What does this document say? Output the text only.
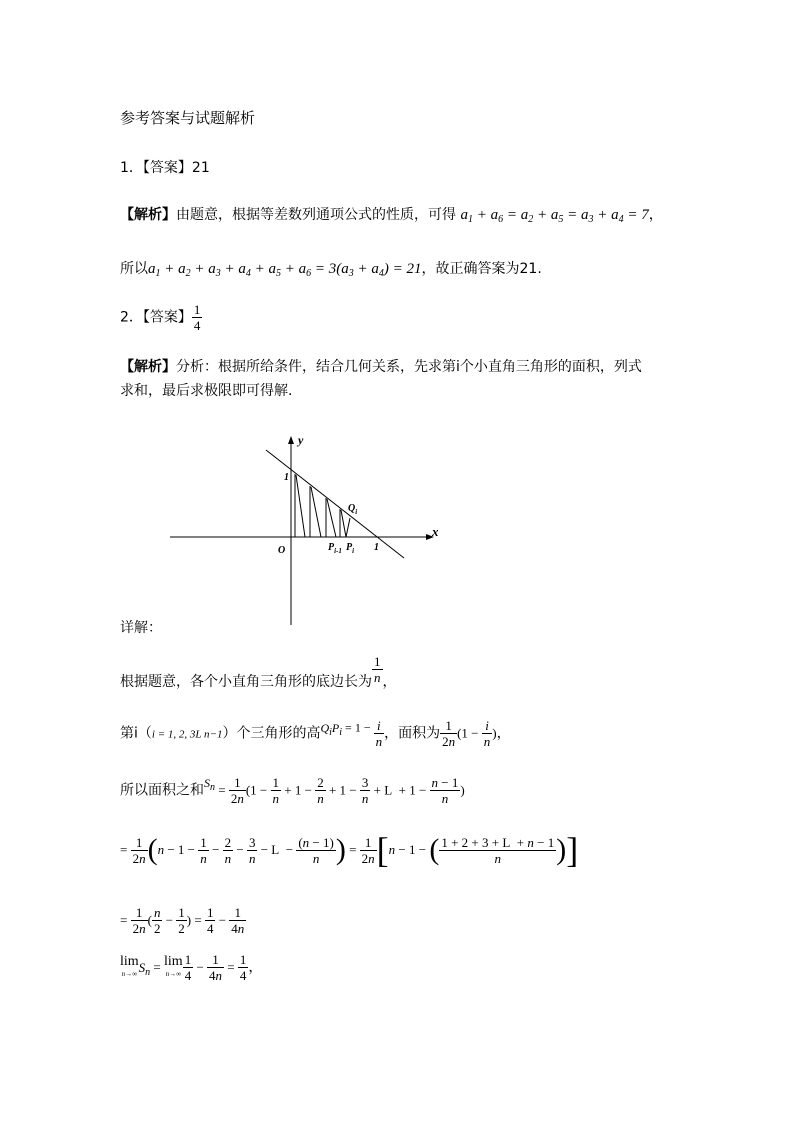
参考答案与试题解析
1．【答案】21
【解析】由题意，根据等差数列通项公式的性质，可得 $a_1 + a_6 = a_2 + a_5 = a_3 + a_4 = 7$，
所以$a_1 + a_2 + a_3 + a_4 + a_5 + a_6 = 3(a_3 + a_4) = 21$，故正确答案为21.
2．【答案】 $\frac{1}{4}$
【解析】分析：根据所给条件，结合几何关系，先求第i个小直角三角形的面积，列式
求和，最后求极限即可得解.
y
x
O
1
1
$Q_i$
$P_{i-1}$ $P_i$
详解：
根据题意，各个小直角三角形的底边长为 $\frac{1}{n}$ ，
第i（i = 1, 2, 3L n−1）个三角形的高$Q_iP_i = 1 - \frac{i}{n}$ ，面积为 $\frac{1}{2n} (1 - \frac{i}{n}$ )，
所以面积之和$S_n = \frac{1}{2n} (1 - \frac{1}{n} + 1 - \frac{2}{n} + 1 - \frac{3}{n} + L + 1 - \frac{n - 1}{n}$ )
= $\frac{1}{2n} (n - 1 - \frac{1}{n} - \frac{2}{n} - \frac{3}{n} - L - \frac{(n - 1)}{n}$ ) = $\frac{1}{2n} [n - 1$ − ( $\frac{1 + 2 + 3 + L + n - 1}{n}$ )]
= $\frac{1}{2n}$ ( $\frac{n}{2} - \frac{1}{2}$ ) = $\frac{1}{4} - \frac{1}{4n}$
lim
n→∞ $S_n = \lim$
$n\to\infty \frac{1}{4} - \frac{1}{4n} = \frac{1}{4}$ ，
